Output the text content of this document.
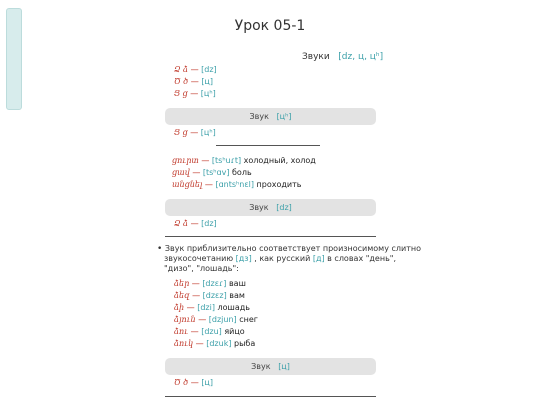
Урок 05-1
Звуки [dz, ц, цʰ]
Ձ ձ — [dz]
Ծ ծ — [ц]
Ց ց — [цʰ]
Звук [цʰ]
Ց ց — [цʰ]
ցուրտ — [tsʰuɾt] холодный, холод
ցավ — [tsʰɑv] боль
անցնել — [ɑntsʰnɛl] проходить
Звук [dz]
Ձ ձ — [dz]
• Звук приблизительно соответствует произносимому слитно
звукосочетанию [дз] , как русский [д] в словах "день",
"дизо", "лошадь":
ձեր — [dzɛɾ] ваш
ձեզ — [dzɛz] вам
ձի — [dzi] лошадь
ձյուն — [dzjun] снег
ձու — [dzu] яйцо
ձուկ — [dzuk] рыба
Звук [ц]
Ծ ծ — [ц]
